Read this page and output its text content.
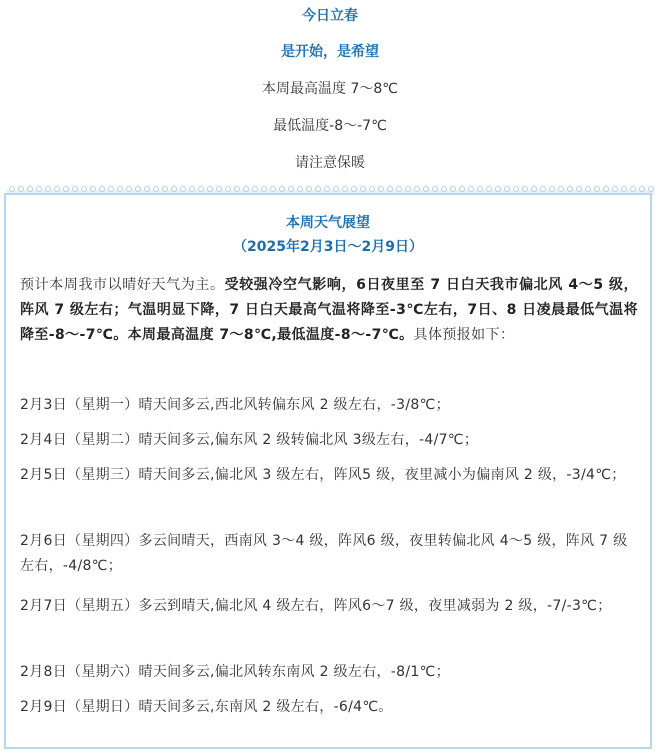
今日立春
是开始，是希望
本周最高温度 7～8℃
最低温度-8～-7℃
请注意保暖
本周天气展望
（2025年2月3日～2月9日）

预计本周我市以晴好天气为主。受较强冷空气影响，6日夜里至 7 日白天我市偏北风 4～5 级，阵风 7 级左右；气温明显下降，7 日白天最高气温将降至-3℃左右，7日、8 日凌晨最低气温将降至-8～-7℃。本周最高温度 7～8℃,最低温度-8～-7℃。具体预报如下：

2月3日（星期一）晴天间多云,西北风转偏东风 2 级左右，-3/8℃；

2月4日（星期二）晴天间多云,偏东风 2 级转偏北风 3级左右，-4/7℃；

2月5日（星期三）晴天间多云,偏北风 3 级左右，阵风5 级，夜里减小为偏南风 2 级，-3/4℃；

2月6日（星期四）多云间晴天，西南风 3～4 级，阵风6 级，夜里转偏北风 4～5 级，阵风 7 级左右，-4/8℃；

2月7日（星期五）多云到晴天,偏北风 4 级左右，阵风6～7 级，夜里减弱为 2 级，-7/-3℃；

2月8日（星期六）晴天间多云,偏北风转东南风 2 级左右，-8/1℃；

2月9日（星期日）晴天间多云,东南风 2 级左右，-6/4℃。
